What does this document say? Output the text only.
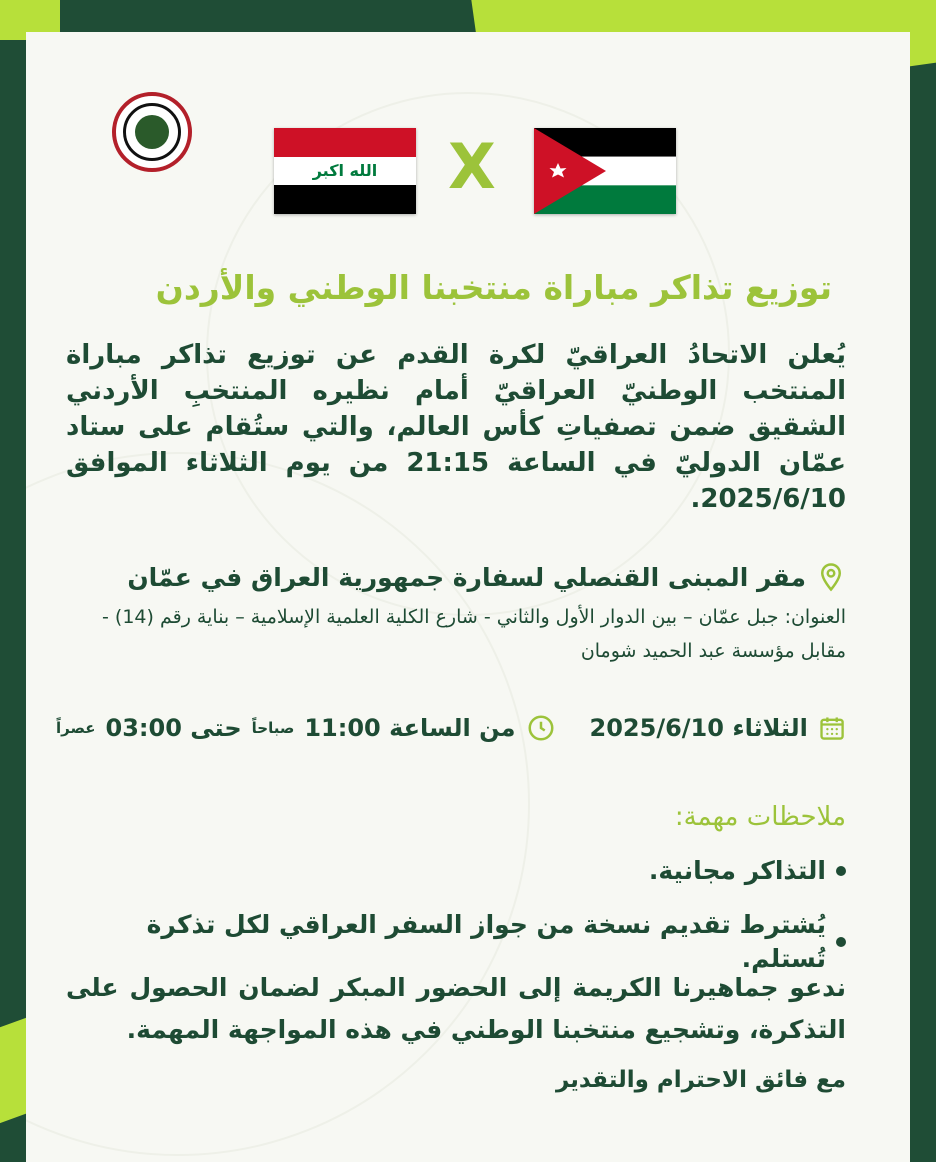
الله اكبر X
توزيع تذاكر مباراة منتخبنا الوطني والأردن

يُعلن الاتحادُ العراقيّ لكرة القدم عن توزيع تذاكر مباراة المنتخب الوطنيّ العراقيّ أمام نظيره المنتخبِ الأردني الشقيق ضمن تصفياتِ كأس العالم، والتي ستُقام على ستاد عمّان الدوليّ في الساعة 21:15 من يوم الثلاثاء الموافق 2025/6/10.

مقر المبنى القنصلي لسفارة جمهورية العراق في عمّان
العنوان: جبل عمّان – بين الدوار الأول والثاني - شارع الكلية العلمية الإسلامية – بناية رقم (14) - مقابل مؤسسة عبد الحميد شومان
الثلاثاء 2025/6/10
من الساعة 11:00
صباحاً
حتى 03:00
عصراً
ملاحظات مهمة:
التذاكر مجانية.
يُشترط تقديم نسخة من جواز السفر العراقي لكل تذكرة تُستلم.

ندعو جماهيرنا الكريمة إلى الحضور المبكر لضمان الحصول على التذكرة، وتشجيع منتخبنا الوطني في هذه المواجهة المهمة.

مع فائق الاحترام والتقدير
